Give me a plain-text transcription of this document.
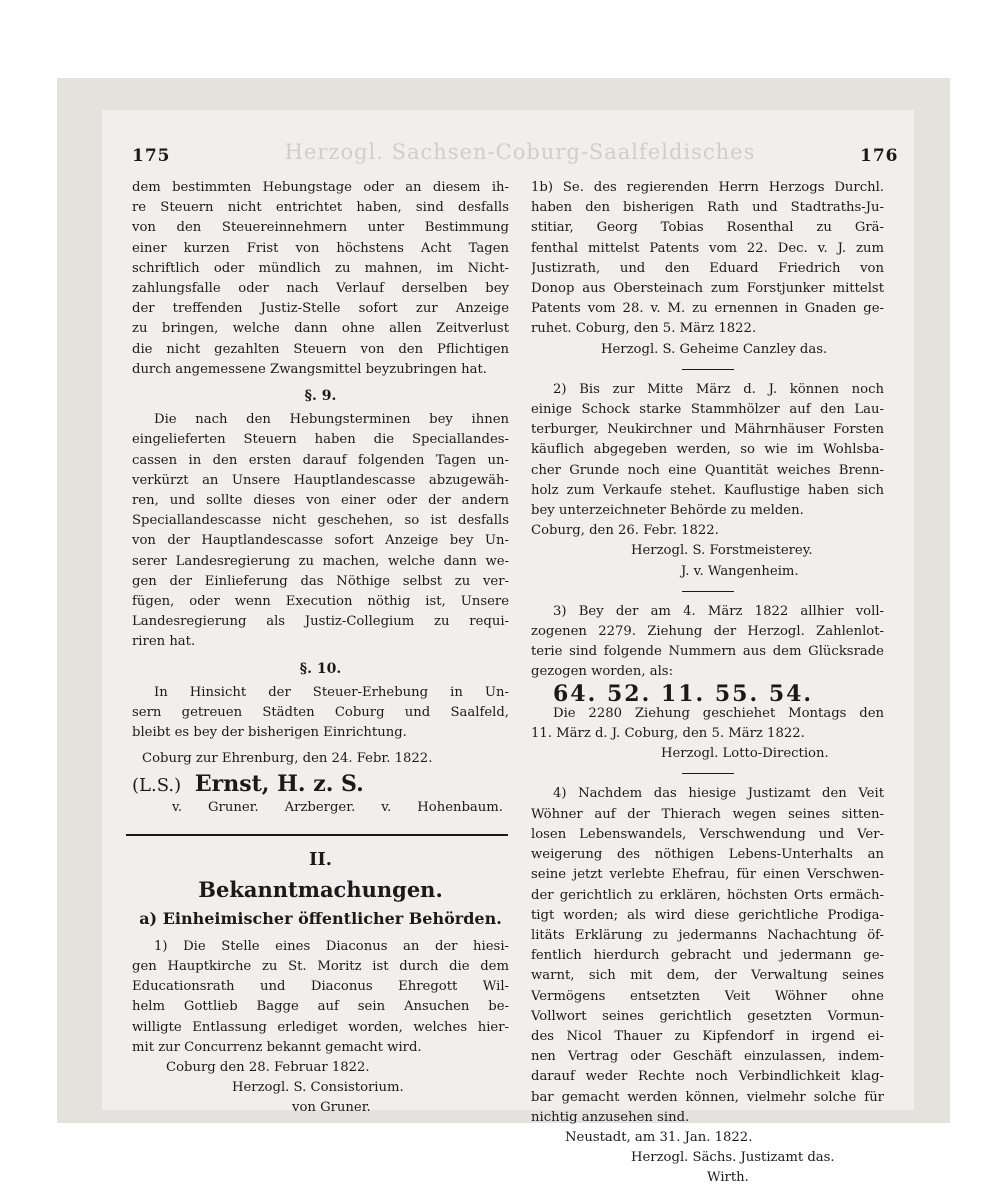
175	176
Herzogl. Sachsen-Coburg-Saalfeldisches
dem bestimmten Hebungstage oder an diesem ih-
re Steuern nicht entrichtet haben, sind desfalls
von den Steuereinnehmern unter Bestimmung
einer kurzen Frist von höchstens Acht Tagen
schriftlich oder mündlich zu mahnen, im Nicht-
zahlungsfalle oder nach Verlauf derselben bey
der treffenden Justiz-Stelle sofort zur Anzeige
zu bringen, welche dann ohne allen Zeitverlust
die nicht gezahlten Steuern von den Pflichtigen
durch angemessene Zwangsmittel beyzubringen hat.
§. 9.
Die nach den Hebungsterminen bey ihnen
eingelieferten Steuern haben die Speciallandes-
cassen in den ersten darauf folgenden Tagen un-
verkürzt an Unsere Hauptlandescasse abzugewäh-
ren, und sollte dieses von einer oder der andern
Speciallandescasse nicht geschehen, so ist desfalls
von der Hauptlandescasse sofort Anzeige bey Un-
serer Landesregierung zu machen, welche dann we-
gen der Einlieferung das Nöthige selbst zu ver-
fügen, oder wenn Execution nöthig ist, Unsere
Landesregierung als Justiz-Collegium zu requi-
riren hat.
§. 10.
In Hinsicht der Steuer-Erhebung in Un-
sern getreuen Städten Coburg und Saalfeld,
bleibt es bey der bisherigen Einrichtung.
Coburg zur Ehrenburg, den 24. Febr. 1822.
(L.S.) Ernst, H. z. S.
v. Gruner. Arzberger. v. Hohenbaum.
II.
Bekanntmachungen.
a) Einheimischer öffentlicher Behörden.
1) Die Stelle eines Diaconus an der hiesi-
gen Hauptkirche zu St. Moritz ist durch die dem
Educationsrath und Diaconus Ehregott Wil-
helm Gottlieb Bagge auf sein Ansuchen be-
willigte Entlassung erlediget worden, welches hier-
mit zur Concurrenz bekannt gemacht wird.
Coburg den 28. Februar 1822.
Herzogl. S. Consistorium.
von Gruner.
1b) Se. des regierenden Herrn Herzogs Durchl.
haben den bisherigen Rath und Stadtraths-Ju-
stitiar, Georg Tobias Rosenthal zu Grä-
fenthal mittelst Patents vom 22. Dec. v. J. zum
Justizrath, und den Eduard Friedrich von
Donop aus Obersteinach zum Forstjunker mittelst
Patents vom 28. v. M. zu ernennen in Gnaden ge-
ruhet. Coburg, den 5. März 1822.
Herzogl. S. Geheime Canzley das.
2) Bis zur Mitte März d. J. können noch
einige Schock starke Stammhölzer auf den Lau-
terburger, Neukirchner und Mährnhäuser Forsten
käuflich abgegeben werden, so wie im Wohlsba-
cher Grunde noch eine Quantität weiches Brenn-
holz zum Verkaufe stehet. Kauflustige haben sich
bey unterzeichneter Behörde zu melden.
Coburg, den 26. Febr. 1822.
Herzogl. S. Forstmeisterey.
J. v. Wangenheim.
3) Bey der am 4. März 1822 allhier voll-
zogenen 2279. Ziehung der Herzogl. Zahlenlot-
terie sind folgende Nummern aus dem Glücksrade
gezogen worden, als:
64. 52. 11. 55. 54.
Die 2280 Ziehung geschiehet Montags den
11. März d. J. Coburg, den 5. März 1822.
Herzogl. Lotto-Direction.
4) Nachdem das hiesige Justizamt den Veit
Wöhner auf der Thierach wegen seines sitten-
losen Lebenswandels, Verschwendung und Ver-
weigerung des nöthigen Lebens-Unterhalts an
seine jetzt verlebte Ehefrau, für einen Verschwen-
der gerichtlich zu erklären, höchsten Orts ermäch-
tigt worden; als wird diese gerichtliche Prodiga-
litäts Erklärung zu jedermanns Nachachtung öf-
fentlich hierdurch gebracht und jedermann ge-
warnt, sich mit dem, der Verwaltung seines
Vermögens entsetzten Veit Wöhner ohne
Vollwort seines gerichtlich gesetzten Vormun-
des Nicol Thauer zu Kipfendorf in irgend ei-
nen Vertrag oder Geschäft einzulassen, indem-
darauf weder Rechte noch Verbindlichkeit klag-
bar gemacht werden können, vielmehr solche für
nichtig anzusehen sind.
Neustadt, am 31. Jan. 1822.
Herzogl. Sächs. Justizamt das.
Wirth.
